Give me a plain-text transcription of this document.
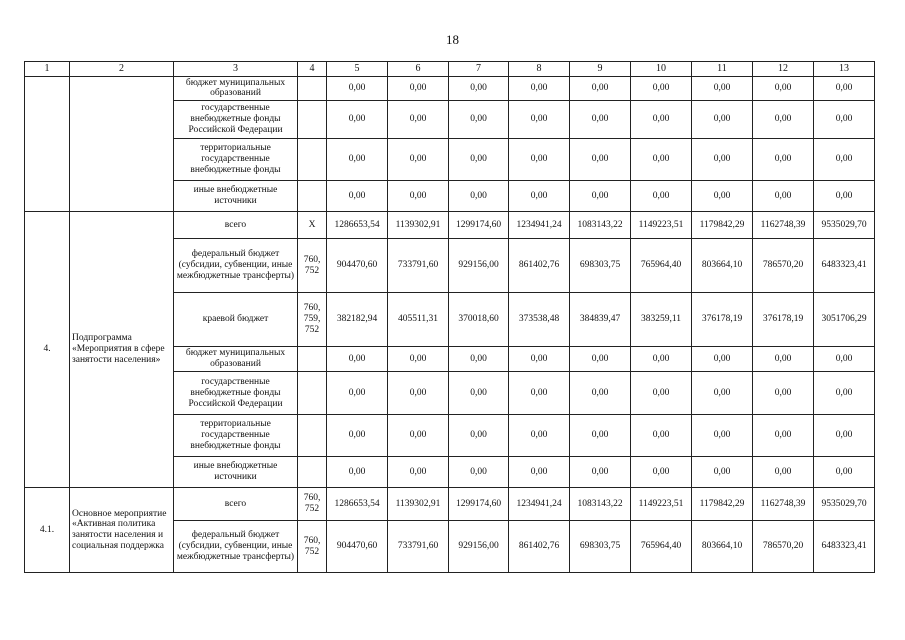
18
1	2	3	4	5	6	7	8	9	10	11	12	13
		бюджет муниципальных образований		0,00	0,00	0,00	0,00	0,00	0,00	0,00	0,00	0,00
		государственные внебюджетные фонды Российской Федерации		0,00	0,00	0,00	0,00	0,00	0,00	0,00	0,00	0,00
		территориальные государственные внебюджетные фонды		0,00	0,00	0,00	0,00	0,00	0,00	0,00	0,00	0,00
		иные внебюджетные источники		0,00	0,00	0,00	0,00	0,00	0,00	0,00	0,00	0,00
4.	Подпрограмма «Мероприятия в сфере занятости населения»	всего	X	1286653,54	1139302,91	1299174,60	1234941,24	1083143,22	1149223,51	1179842,29	1162748,39	9535029,70
		федеральный бюджет (субсидии, субвенции, иные межбюджетные трансферты)	760, 752	904470,60	733791,60	929156,00	861402,76	698303,75	765964,40	803664,10	786570,20	6483323,41
		краевой бюджет	760, 759, 752	382182,94	405511,31	370018,60	373538,48	384839,47	383259,11	376178,19	376178,19	3051706,29
		бюджет муниципальных образований		0,00	0,00	0,00	0,00	0,00	0,00	0,00	0,00	0,00
		государственные внебюджетные фонды Российской Федерации		0,00	0,00	0,00	0,00	0,00	0,00	0,00	0,00	0,00
		территориальные государственные внебюджетные фонды		0,00	0,00	0,00	0,00	0,00	0,00	0,00	0,00	0,00
		иные внебюджетные источники		0,00	0,00	0,00	0,00	0,00	0,00	0,00	0,00	0,00
4.1.	Основное мероприятие «Активная политика занятости населения и социальная поддержка	всего	760, 752	1286653,54	1139302,91	1299174,60	1234941,24	1083143,22	1149223,51	1179842,29	1162748,39	9535029,70
		федеральный бюджет (субсидии, субвенции, иные межбюджетные трансферты)	760, 752	904470,60	733791,60	929156,00	861402,76	698303,75	765964,40	803664,10	786570,20	6483323,41
